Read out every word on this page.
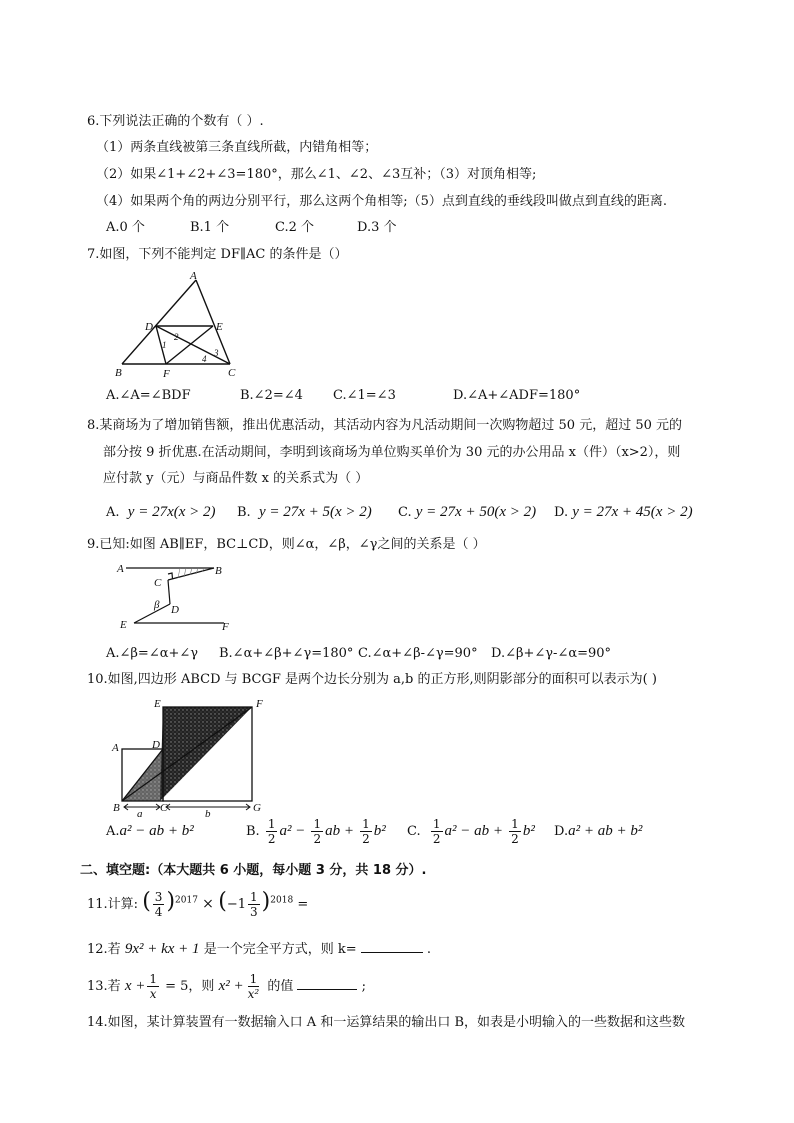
6.下列说法正确的个数有（ ）.
（1）两条直线被第三条直线所截，内错角相等；
（2）如果∠1+∠2+∠3=180°，那么∠1、∠2、∠3互补；（3）对顶角相等;
（4）如果两个角的两边分别平行，那么这两个角相等;（5）点到直线的垂线段叫做点到直线的距离.
A.0 个	B.1 个	C.2 个	D.3 个
7.如图，下列不能判定 DF∥AC 的条件是（）
A
D	E
B	F	C
1
2
3
4
A.∠A=∠BDF	B.∠2=∠4 C.∠1=∠3	D.∠A+∠ADF=180°
8.某商场为了增加销售额，推出优惠活动，其活动内容为凡活动期间一次购物超过 50 元，超过 50 元的
部分按 9 折优惠.在活动期间，李明到该商场为单位购买单价为 30 元的办公用品 x（件）（x>2），则
应付款 y（元）与商品件数 x 的关系式为（ ）
A. y = 27x(x > 2) B. y = 27x + 5(x > 2) C. y = 27x + 50(x > 2) D. y = 27x + 45(x > 2)
9.已知:如图 AB∥EF，BC⊥CD，则∠α，∠β，∠γ之间的关系是（ ）
A	B
C
β D
E	F
A.∠β=∠α+∠γ B.∠α+∠β+∠γ=180° C.∠α+∠β-∠γ=90° D.∠β+∠γ-∠α=90°
10.如图,四边形 ABCD 与 BCGF 是两个边长分别为 a,b 的正方形,则阴影部分的面积可以表示为( )
E	F
A	D
B	C	G
a	b
A.a² − ab + b²	B. $\frac{1}{2} a^2 - \frac{1}{2}$ ab + $\frac{1}{2} b^2$ C. $\frac{1}{2} a^2$ − ab + $\frac{1}{2} b^2$ D.a² + ab + b²
二、填空题:（本大题共 6 小题，每小题 3 分，共 18 分）.
11.计算: ( $\frac{3}{4} )^{2017} \times (-1 \frac{1}{3} )^{2018}$ =
12.若 9x² + kx + 1 是一个完全平方式，则 k=	.
13.若 $x + \frac{1}{x} = 5$，则 $x^2 + \frac{1}{\text{x²}}$ 的值	;
14.如图，某计算装置有一数据输入口 A 和一运算结果的输出口 B，如表是小明输入的一些数据和这些数
